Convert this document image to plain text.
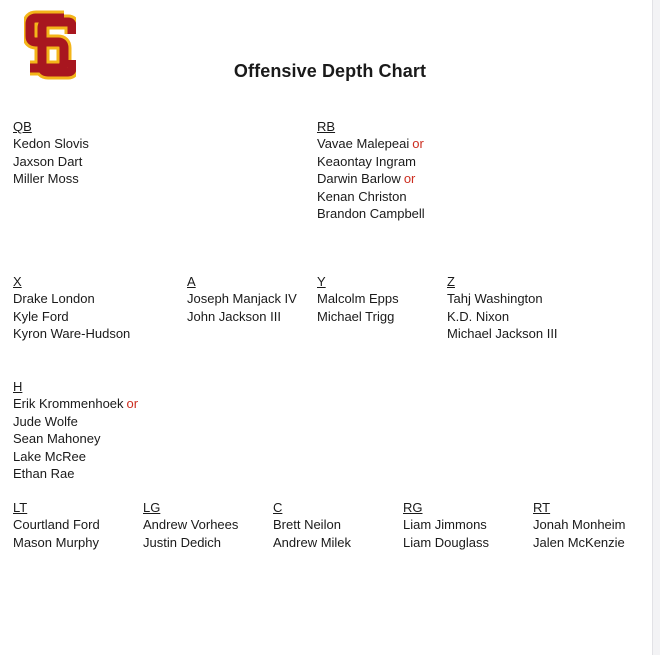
Offensive Depth Chart
QB
Kedon Slovis
Jaxson Dart
Miller Moss
RB
Vavae Malepeai or
Keaontay Ingram
Darwin Barlow or
Kenan Christon
Brandon Campbell
X
Drake London
Kyle Ford
Kyron Ware-Hudson
A
Joseph Manjack IV
John Jackson III
Y
Malcolm Epps
Michael Trigg
Z
Tahj Washington
K.D. Nixon
Michael Jackson III
H
Erik Krommenhoek or
Jude Wolfe
Sean Mahoney
Lake McRee
Ethan Rae
LT
Courtland Ford
Mason Murphy
LG
Andrew Vorhees
Justin Dedich
C
Brett Neilon
Andrew Milek
RG
Liam Jimmons
Liam Douglass
RT
Jonah Monheim
Jalen McKenzie
